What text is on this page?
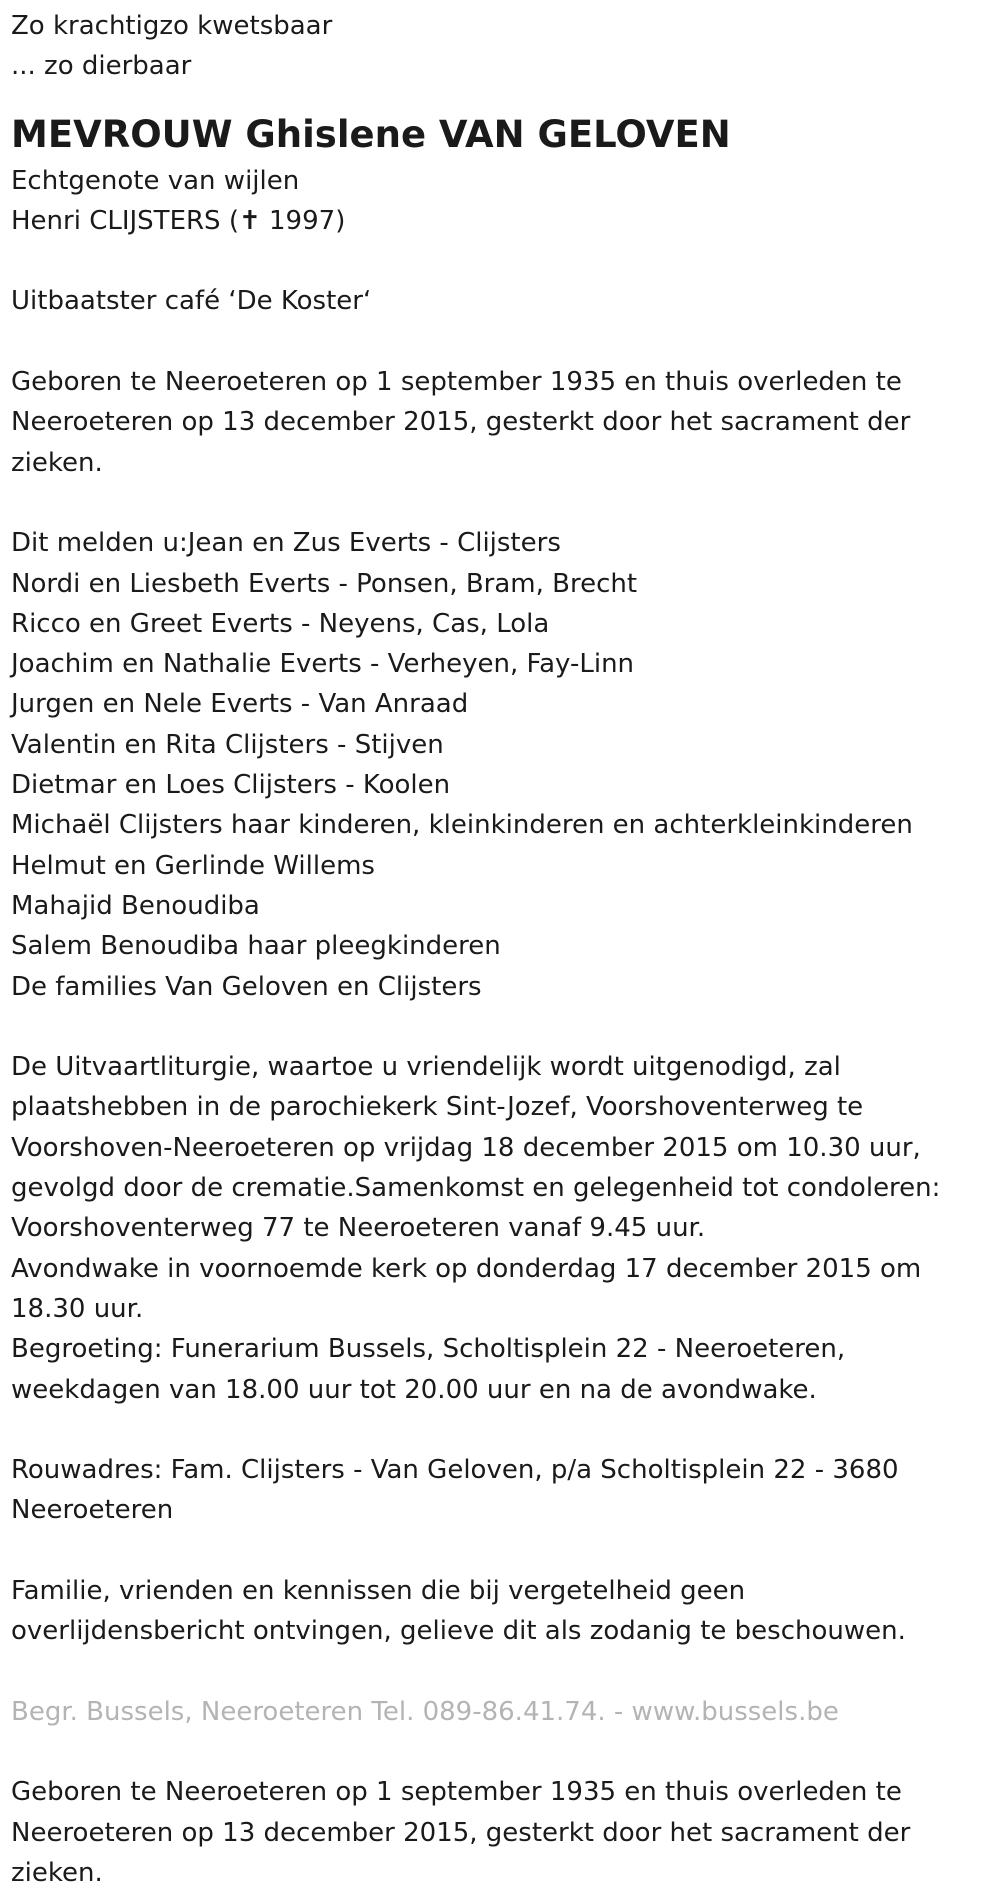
Zo krachtigzo kwetsbaar

... zo dierbaar

MEVROUW Ghislene VAN GELOVEN

Echtgenote van wijlen

Henri CLIJSTERS (✝ 1997)

Uitbaatster café ‘De Koster‘

Geboren te Neeroeteren op 1 september 1935 en thuis overleden te

Neeroeteren op 13 december 2015, gesterkt door het sacrament der

zieken.

Dit melden u:Jean en Zus Everts - Clijsters

Nordi en Liesbeth Everts - Ponsen, Bram, Brecht

Ricco en Greet Everts - Neyens, Cas, Lola

Joachim en Nathalie Everts - Verheyen, Fay-Linn

Jurgen en Nele Everts - Van Anraad

Valentin en Rita Clijsters - Stijven

Dietmar en Loes Clijsters - Koolen

Michaël Clijsters haar kinderen, kleinkinderen en achterkleinkinderen

Helmut en Gerlinde Willems

Mahajid Benoudiba

Salem Benoudiba haar pleegkinderen

De families Van Geloven en Clijsters

De Uitvaartliturgie, waartoe u vriendelijk wordt uitgenodigd, zal

plaatshebben in de parochiekerk Sint-Jozef, Voorshoventerweg te

Voorshoven-Neeroeteren op vrijdag 18 december 2015 om 10.30 uur,

gevolgd door de crematie.Samenkomst en gelegenheid tot condoleren:

Voorshoventerweg 77 te Neeroeteren vanaf 9.45 uur.

Avondwake in voornoemde kerk op donderdag 17 december 2015 om

18.30 uur.

Begroeting: Funerarium Bussels, Scholtisplein 22 - Neeroeteren,

weekdagen van 18.00 uur tot 20.00 uur en na de avondwake.

Rouwadres: Fam. Clijsters - Van Geloven, p/a Scholtisplein 22 - 3680

Neeroeteren

Familie, vrienden en kennissen die bij vergetelheid geen

overlijdensbericht ontvingen, gelieve dit als zodanig te beschouwen.

Begr. Bussels, Neeroeteren Tel. 089-86.41.74. - www.bussels.be

Geboren te Neeroeteren op 1 september 1935 en thuis overleden te

Neeroeteren op 13 december 2015, gesterkt door het sacrament der

zieken.
